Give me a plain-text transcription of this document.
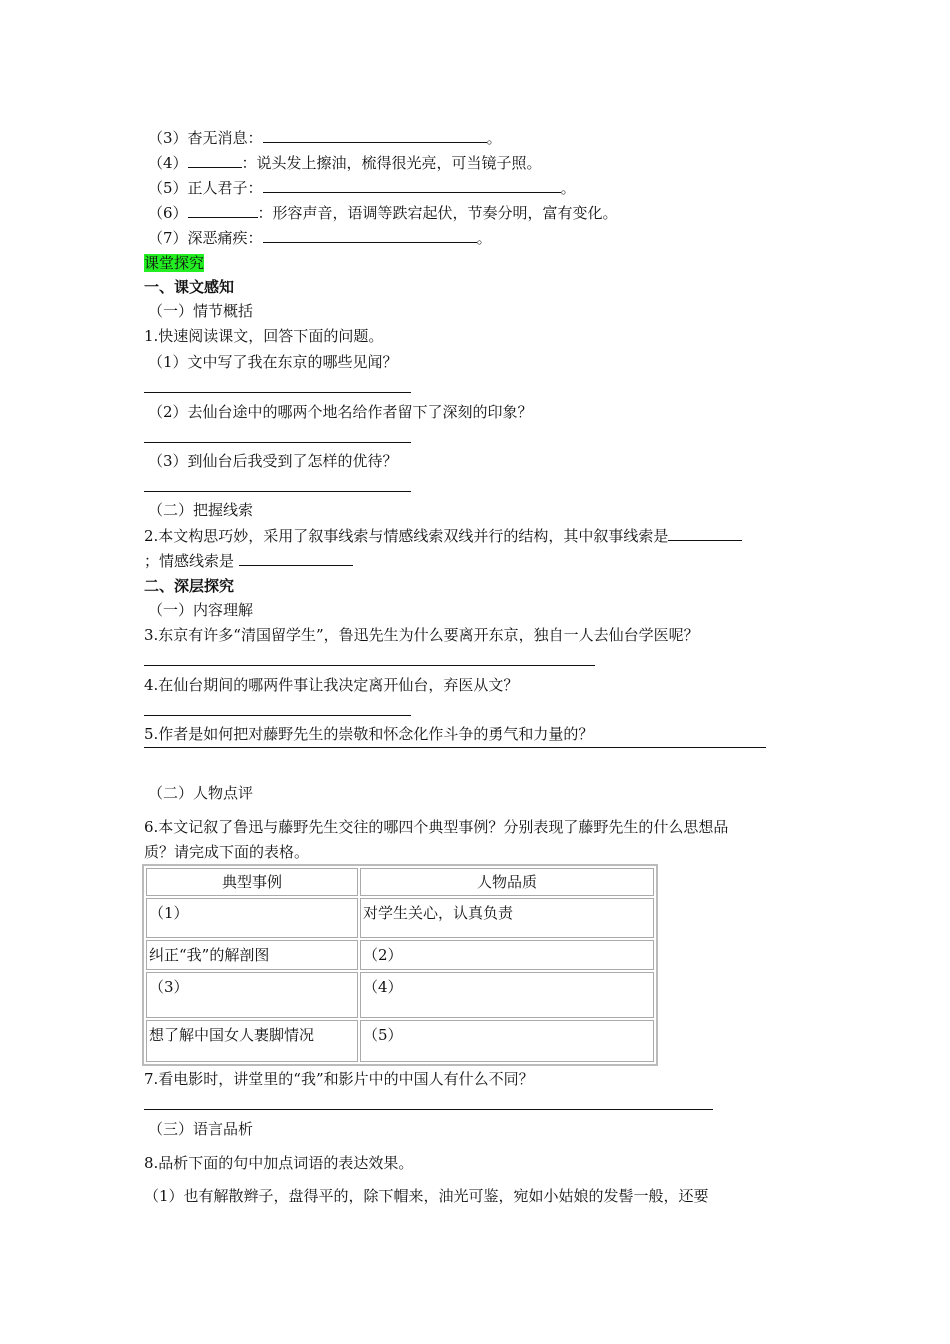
（3）杳无消息：	。
（4）	：说头发上擦油，梳得很光亮，可当镜子照。
（5）正人君子：	。
（6）	：形容声音，语调等跌宕起伏，节奏分明，富有变化。
（7）深恶痛疾：	。
课堂探究
一、课文感知
（一）情节概括
1.快速阅读课文，回答下面的问题。
（1）文中写了我在东京的哪些见闻？
（2）去仙台途中的哪两个地名给作者留下了深刻的印象？
（3）到仙台后我受到了怎样的优待？
（二）把握线索
2.本文构思巧妙，采用了叙事线索与情感线索双线并行的结构，其中叙事线索是
；情感线索是
二、深层探究
（一）内容理解
3.东京有许多“清国留学生”，鲁迅先生为什么要离开东京，独自一人去仙台学医呢？
4.在仙台期间的哪两件事让我决定离开仙台，弃医从文？
5.作者是如何把对藤野先生的崇敬和怀念化作斗争的勇气和力量的？
（二）人物点评
6.本文记叙了鲁迅与藤野先生交往的哪四个典型事例？分别表现了藤野先生的什么思想品
质？请完成下面的表格。
典型事例	人物品质
（1）	对学生关心，认真负责
纠正“我”的解剖图	（2）
（3）	（4）
想了解中国女人裹脚情况	（5）
7.看电影时，讲堂里的“我”和影片中的中国人有什么不同？
（三）语言品析
8.品析下面的句中加点词语的表达效果。
（1）也有解散辫子，盘得平的，除下帽来，油光可鉴，宛如小姑娘的发髻一般，还要
